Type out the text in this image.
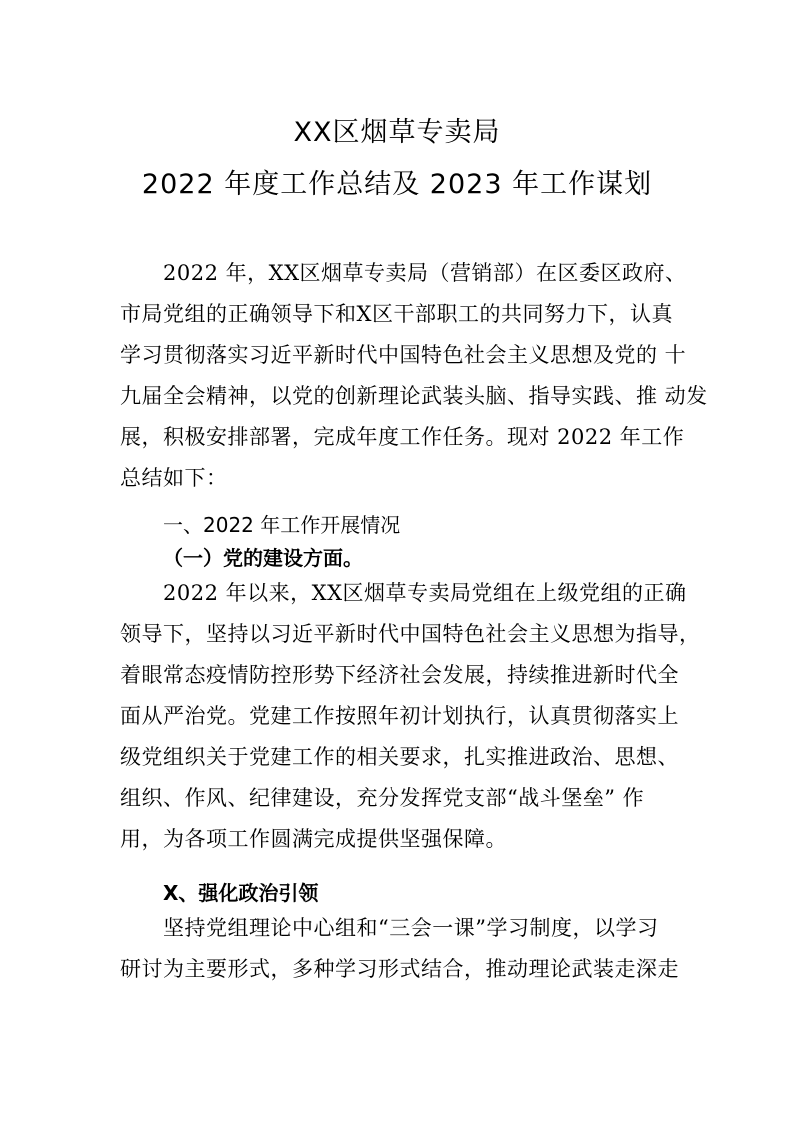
XX区烟草专卖局
2022 年度工作总结及 2023 年工作谋划
2022 年，XX区烟草专卖局（营销部）在区委区政府、
市局党组的正确领导下和X区干部职工的共同努力下，认真
学习贯彻落实习近平新时代中国特色社会主义思想及党的 十
九届全会精神，以党的创新理论武装头脑、指导实践、推 动发
展，积极安排部署，完成年度工作任务。现对 2022 年工作
总结如下：
一、2022 年工作开展情况
（一）党的建设方面。
2022 年以来，XX区烟草专卖局党组在上级党组的正确
领导下，坚持以习近平新时代中国特色社会主义思想为指导，
着眼常态疫情防控形势下经济社会发展，持续推进新时代全
面从严治党。党建工作按照年初计划执行，认真贯彻落实上
级党组织关于党建工作的相关要求，扎实推进政治、思想、
组织、作风、纪律建设，充分发挥党支部“战斗堡垒” 作
用，为各项工作圆满完成提供坚强保障。
X、强化政治引领
坚持党组理论中心组和“三会一课”学习制度，以学习
研讨为主要形式，多种学习形式结合，推动理论武装走深走
